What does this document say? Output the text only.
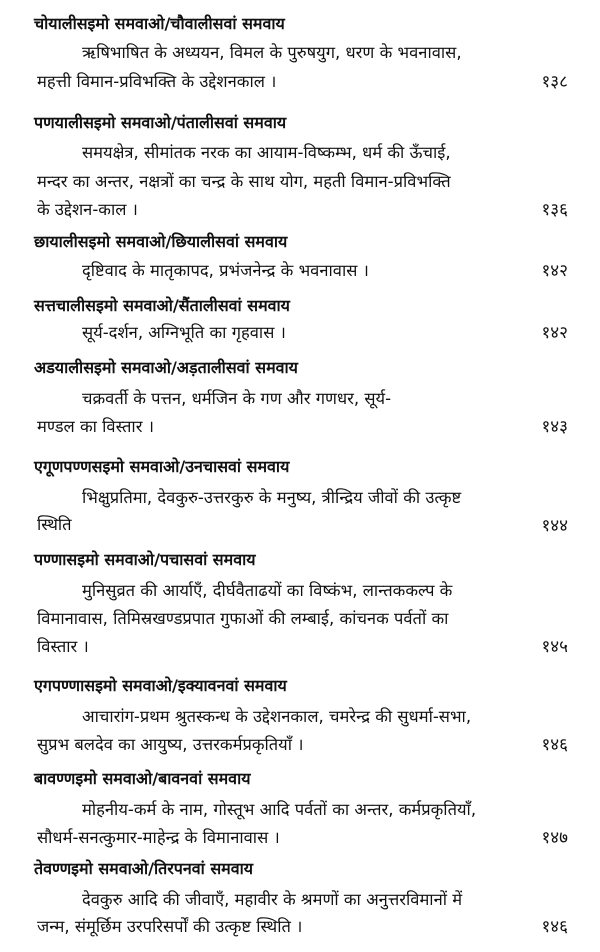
चोयालीसइमो समवाओ/चौवालीसवां समवाय
ऋषिभाषित के अध्ययन, विमल के पुरुषयुग, धरण के भवनावास,
महत्ती विमान-प्रविभक्ति के उद्देशनकाल ।	१३८
पणयालीसइमो समवाओ/पंतालीसवां समवाय
समयक्षेत्र, सीमांतक नरक का आयाम-विष्कम्भ, धर्म की ऊँचाई,
मन्दर का अन्तर, नक्षत्रों का चन्द्र के साथ योग, महती विमान-प्रविभक्ति
के उद्देशन-काल ।	१३६
छायालीसइमो समवाओ/छियालीसवां समवाय
दृष्टिवाद के मातृकापद, प्रभंजनेन्द्र के भवनावास ।	१४२
सत्तचालीसइमो समवाओ/सैंतालीसवां समवाय
सूर्य-दर्शन, अग्निभूति का गृहवास ।	१४२
अडयालीसइमो समवाओ/अड़तालीसवां समवाय
चक्रवर्ती के पत्तन, धर्मजिन के गण और गणधर, सूर्य-
मण्डल का विस्तार ।	१४३
एगूणपण्णसइमो समवाओ/उनचासवां समवाय
भिक्षुप्रतिमा, देवकुरु-उत्तरकुरु के मनुष्य, त्रीन्द्रिय जीवों की उत्कृष्ट
स्थिति	१४४
पण्णासइमो समवाओ/पचासवां समवाय
मुनिसुव्रत की आर्याएँ, दीर्घवैताढयों का विष्कंभ, लान्तककल्प के
विमानावास, तिमिस्रखण्डप्रपात गुफाओं की लम्बाई, कांचनक पर्वतों का
विस्तार ।	१४५
एगपण्णासइमो समवाओ/इक्यावनवां समवाय
आचारांग-प्रथम श्रुतस्कन्ध के उद्देशनकाल, चमरेन्द्र की सुधर्मा-सभा,
सुप्रभ बलदेव का आयुष्य, उत्तरकर्मप्रकृतियाँ ।	१४६
बावण्णइमो समवाओ/बावनवां समवाय
मोहनीय-कर्म के नाम, गोस्तूभ आदि पर्वतों का अन्तर, कर्मप्रकृतियाँ,
सौधर्म-सनत्कुमार-माहेन्द्र के विमानावास ।	१४७
तेवण्णइमो समवाओ/तिरपनवां समवाय
देवकुरु आदि की जीवाएँ, महावीर के श्रमणों का अनुत्तरविमानों में
जन्म, संमूर्छिम उरपरिसर्पों की उत्कृष्ट स्थिति ।	१४६
